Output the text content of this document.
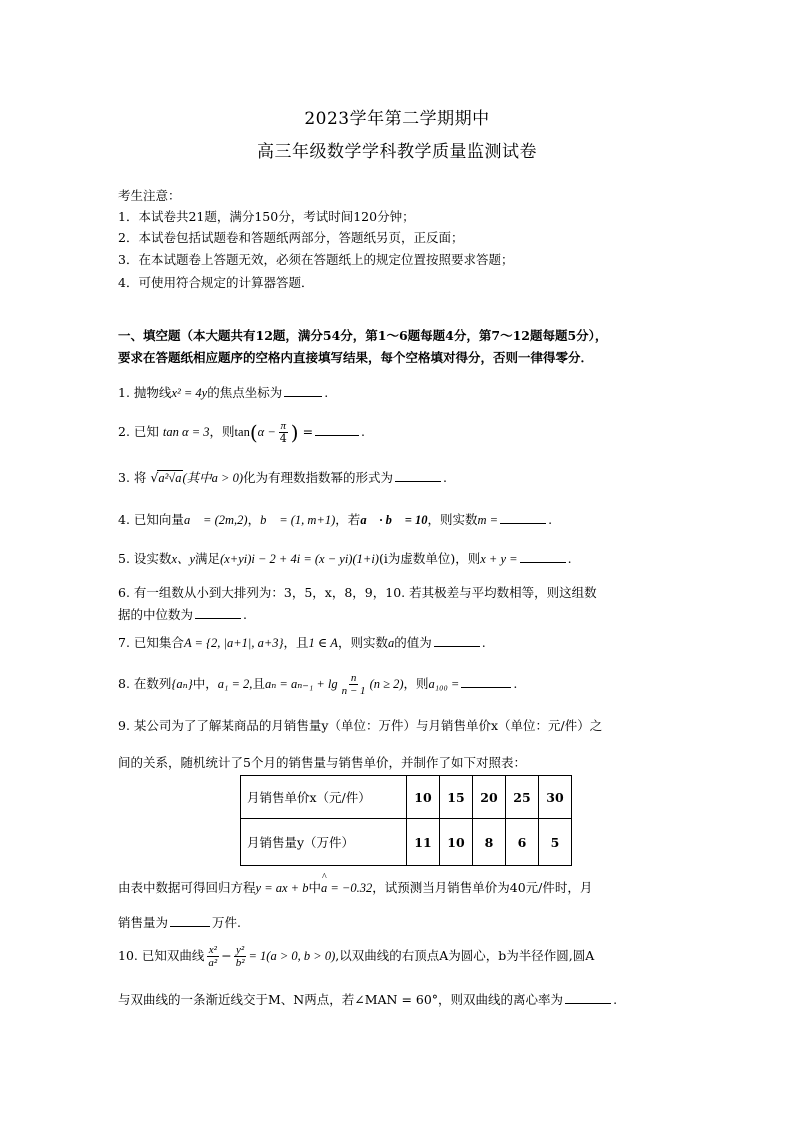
2023学年第二学期期中
高三年级数学学科教学质量监测试卷
考生注意：
1．本试卷共21题，满分150分，考试时间120分钟；
2．本试卷包括试题卷和答题纸两部分，答题纸另页，正反面；
3．在本试题卷上答题无效，必须在答题纸上的规定位置按照要求答题；
4．可使用符合规定的计算器答题．
一、填空题（本大题共有12题，满分54分，第1～6题每题4分，第7～12题每题5分），
要求在答题纸相应题序的空格内直接填写结果，每个空格填对得分，否则一律得零分．
1. 抛物线x² = 4y的焦点坐标为	.
2. 已知 tan α = 3，则$\tan(\alpha - \frac{\pi}{4}$ ) =	.
3. 将 √a²√a(其中a > 0)化为有理数指数幂的形式为	.
4. 已知向量a⃗ = (2m,2)，b⃗ = (1, m+1)，若a⃗ · b⃗ = 10，则实数m =	.
5. 设实数x、y满足(x+yi)i − 2 + 4i = (x − yi)(1+i)(i为虚数单位)，则x + y =	.
6. 有一组数从小到大排列为：3，5，x，8，9，10. 若其极差与平均数相等，则这组数
据的中位数为	.
7. 已知集合A = {2, |a+1|, a+3}，且1 ∈ A，则实数a的值为	.
8. 在数列{aₙ}中，a₁ = 2,且$a_n = a_{n-1} + \lg \frac{n}{n - 1} (n \ge 2)$，则a₁₀₀ =	.
9. 某公司为了了解某商品的月销售量y（单位：万件）与月销售单价x（单位：元/件）之
间的关系，随机统计了5个月的销售量与销售单价，并制作了如下对照表：
月销售单价x（元/件）	10	15	20	25	30
月销售量y（万件）	11	10	8	6	5
由表中数据可得回归方程y = ax + b中^ a = −0.32，试预测当月销售单价为40元/件时，月
销售量为	万件.
10. 已知双曲线 $\frac{\text{x²}}{\text{a²}} - \frac{\text{y²}}{\text{b²}} = 1(a > 0$, b > 0),以双曲线的右顶点A为圆心，b为半径作圆,圆A
与双曲线的一条渐近线交于M、N两点，若∠MAN = 60°，则双曲线的离心率为	.
